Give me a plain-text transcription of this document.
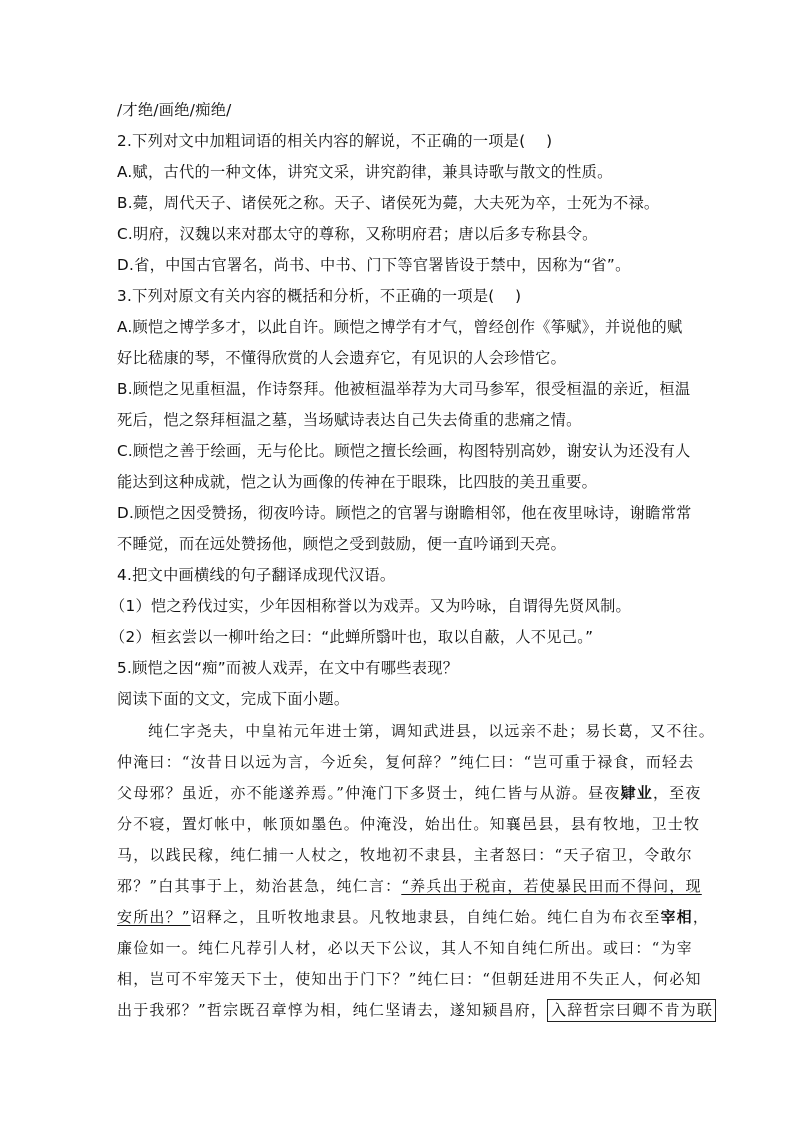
/才绝/画绝/痴绝/
2.下列对文中加粗词语的相关内容的解说，不正确的一项是(　 )
A.赋，古代的一种文体，讲究文采，讲究韵律，兼具诗歌与散文的性质。
B.薨，周代天子、诸侯死之称。天子、诸侯死为薨，大夫死为卒，士死为不禄。
C.明府，汉魏以来对郡太守的尊称，又称明府君；唐以后多专称县令。
D.省，中国古官署名，尚书、中书、门下等官署皆设于禁中，因称为“省”。
3.下列对原文有关内容的概括和分析，不正确的一项是(　 )
A.顾恺之博学多才，以此自许。顾恺之博学有才气，曾经创作《筝赋》，并说他的赋
好比嵇康的琴，不懂得欣赏的人会遗弃它，有见识的人会珍惜它。
B.顾恺之见重桓温，作诗祭拜。他被桓温举荐为大司马参军，很受桓温的亲近，桓温
死后，恺之祭拜桓温之墓，当场赋诗表达自己失去倚重的悲痛之情。
C.顾恺之善于绘画，无与伦比。顾恺之擅长绘画，构图特别高妙，谢安认为还没有人
能达到这种成就，恺之认为画像的传神在于眼珠，比四肢的美丑重要。
D.顾恺之因受赞扬，彻夜吟诗。顾恺之的官署与谢瞻相邻，他在夜里咏诗，谢瞻常常
不睡觉，而在远处赞扬他，顾恺之受到鼓励，便一直吟诵到天亮。
4.把文中画横线的句子翻译成现代汉语。
（1）恺之矜伐过实，少年因相称誉以为戏弄。又为吟咏，自谓得先贤风制。
（2）桓玄尝以一柳叶绐之曰：“此蝉所翳叶也，取以自蔽，人不见己。”
5.顾恺之因“痴”而被人戏弄，在文中有哪些表现？
阅读下面的文文，完成下面小题。
纯仁字尧夫，中皇祐元年进士第，调知武进县，以远亲不赴；易长葛，又不往。
仲淹曰：“汝昔日以远为言，今近矣，复何辞？”纯仁曰：“岂可重于禄食，而轻去
父母邪？虽近，亦不能遂养焉。”仲淹门下多贤士，纯仁皆与从游。昼夜肄业，至夜
分不寝，置灯帐中，帐顶如墨色。仲淹没，始出仕。知襄邑县，县有牧地，卫士牧
马，以践民稼，纯仁捕一人杖之，牧地初不隶县，主者怒曰：“天子宿卫，令敢尔
邪？”白其事于上，劾治甚急，纯仁言：“养兵出于税亩，若使暴民田而不得问，现
安所出？”诏释之，且听牧地隶县。凡牧地隶县，自纯仁始。纯仁自为布衣至宰相，
廉俭如一。纯仁凡荐引人材，必以天下公议，其人不知自纯仁所出。或曰：“为宰
相，岂可不牢笼天下士，使知出于门下？”纯仁曰：“但朝廷进用不失正人，何必知
出于我邪？”哲宗既召章惇为相，纯仁坚请去，遂知颍昌府， 入辞哲宗曰卿不肯为联
